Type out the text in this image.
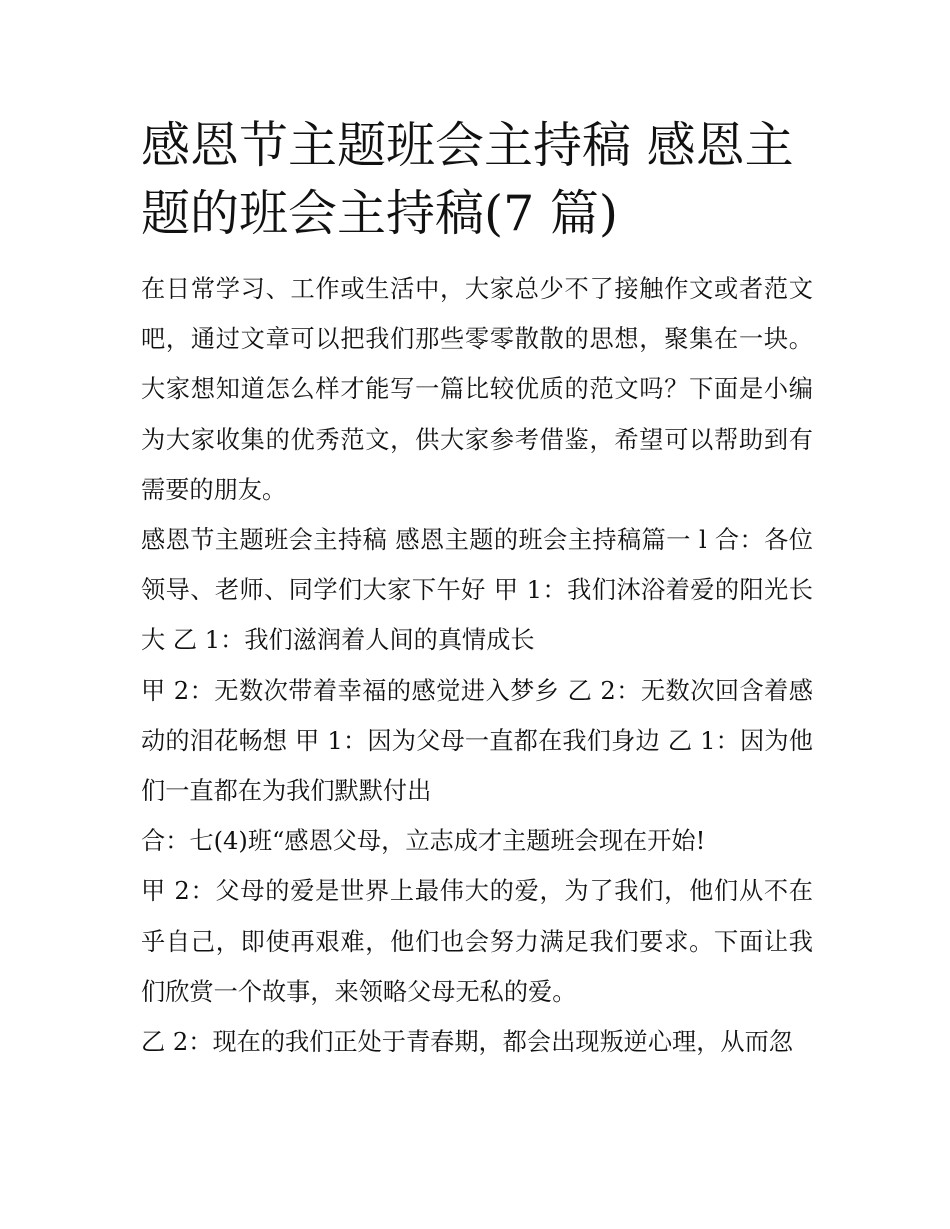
感恩节主题班会主持稿 感恩主
题的班会主持稿(7 篇)

在日常学习、工作或生活中，大家总少不了接触作文或者范文吧，通过文章可以把我们那些零零散散的思想，聚集在一块。大家想知道怎么样才能写一篇比较优质的范文吗？下面是小编为大家收集的优秀范文，供大家参考借鉴，希望可以帮助到有需要的朋友。

感恩节主题班会主持稿 感恩主题的班会主持稿篇一 l 合：各位领导、老师、同学们大家下午好 甲 1：我们沐浴着爱的阳光长大 乙 1：我们滋润着人间的真情成长

甲 2：无数次带着幸福的感觉进入梦乡 乙 2：无数次回含着感动的泪花畅想 甲 1：因为父母一直都在我们身边 乙 1：因为他们一直都在为我们默默付出

合：七(4)班“感恩父母，立志成才主题班会现在开始!

甲 2：父母的爱是世界上最伟大的爱，为了我们，他们从不在乎自己，即使再艰难，他们也会努力满足我们要求。下面让我们欣赏一个故事，来领略父母无私的爱。

乙 2：现在的我们正处于青春期，都会出现叛逆心理，从而忽
